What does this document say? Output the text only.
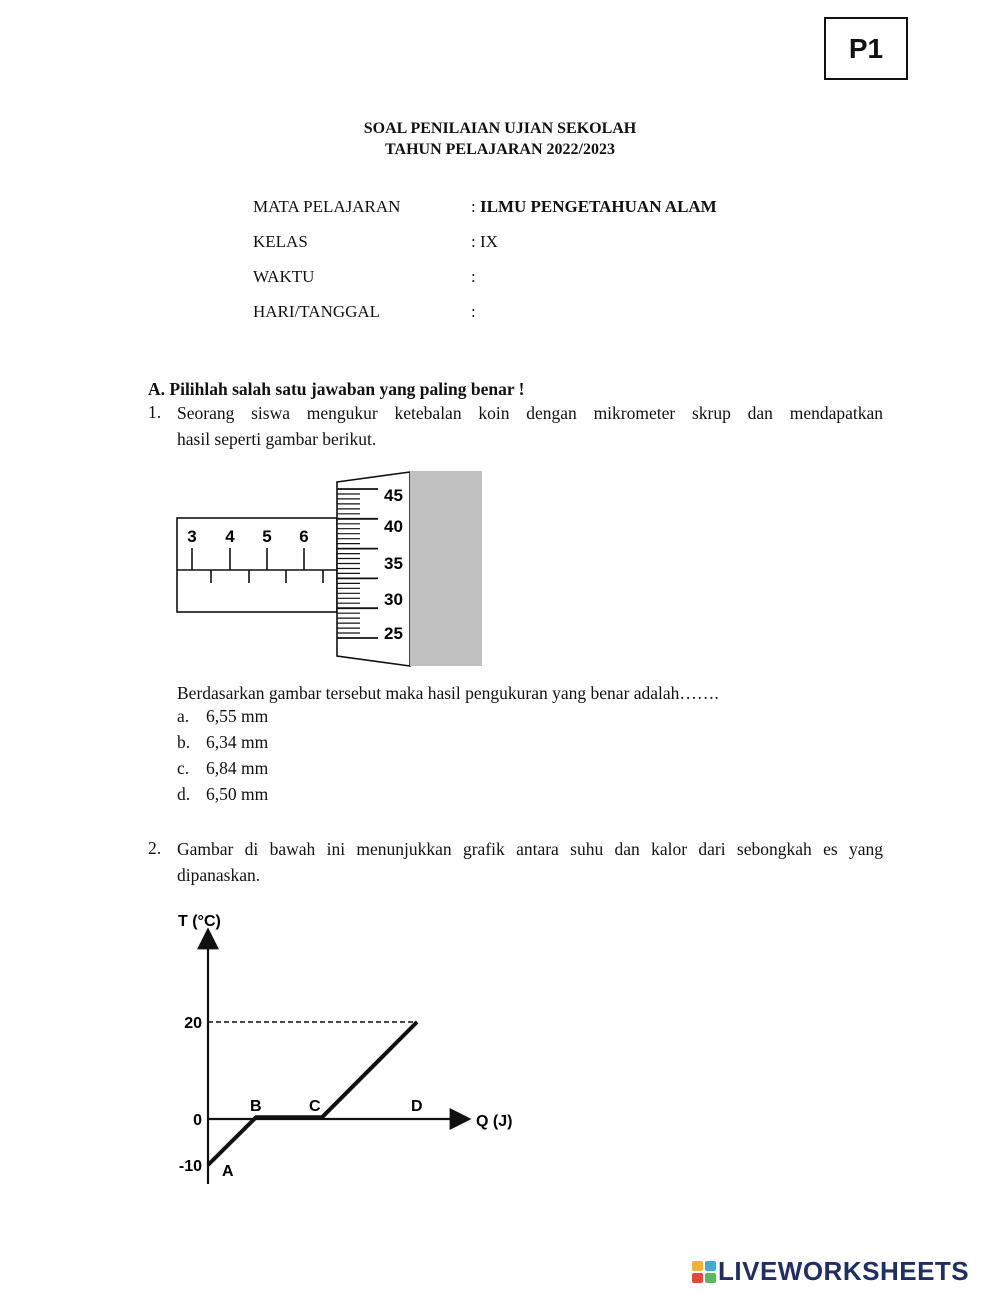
P1
SOAL PENILAIAN UJIAN SEKOLAH
TAHUN PELAJARAN 2022/2023
MATA PELAJARAN	: ILMU PENGETAHUAN ALAM
KELAS	: IX
WAKTU	:
HARI/TANGGAL	:
A. Pilihlah salah satu jawaban yang paling benar !
1. Seorang siswa mengukur ketebalan koin dengan mikrometer skrup dan mendapatkan
hasil seperti gambar berikut.
3 4 5 6
45
40
35
30
25
Berdasarkan gambar tersebut maka hasil pengukuran yang benar adalah…….
a. 6,55 mm
b. 6,34 mm
c. 6,84 mm
d. 6,50 mm
2. Gambar di bawah ini menunjukkan grafik antara suhu dan kalor dari sebongkah es yang
dipanaskan.
T (°C)
Q (J)
20
0
-10 A
B	C	D
LIVEWORKSHEETS
